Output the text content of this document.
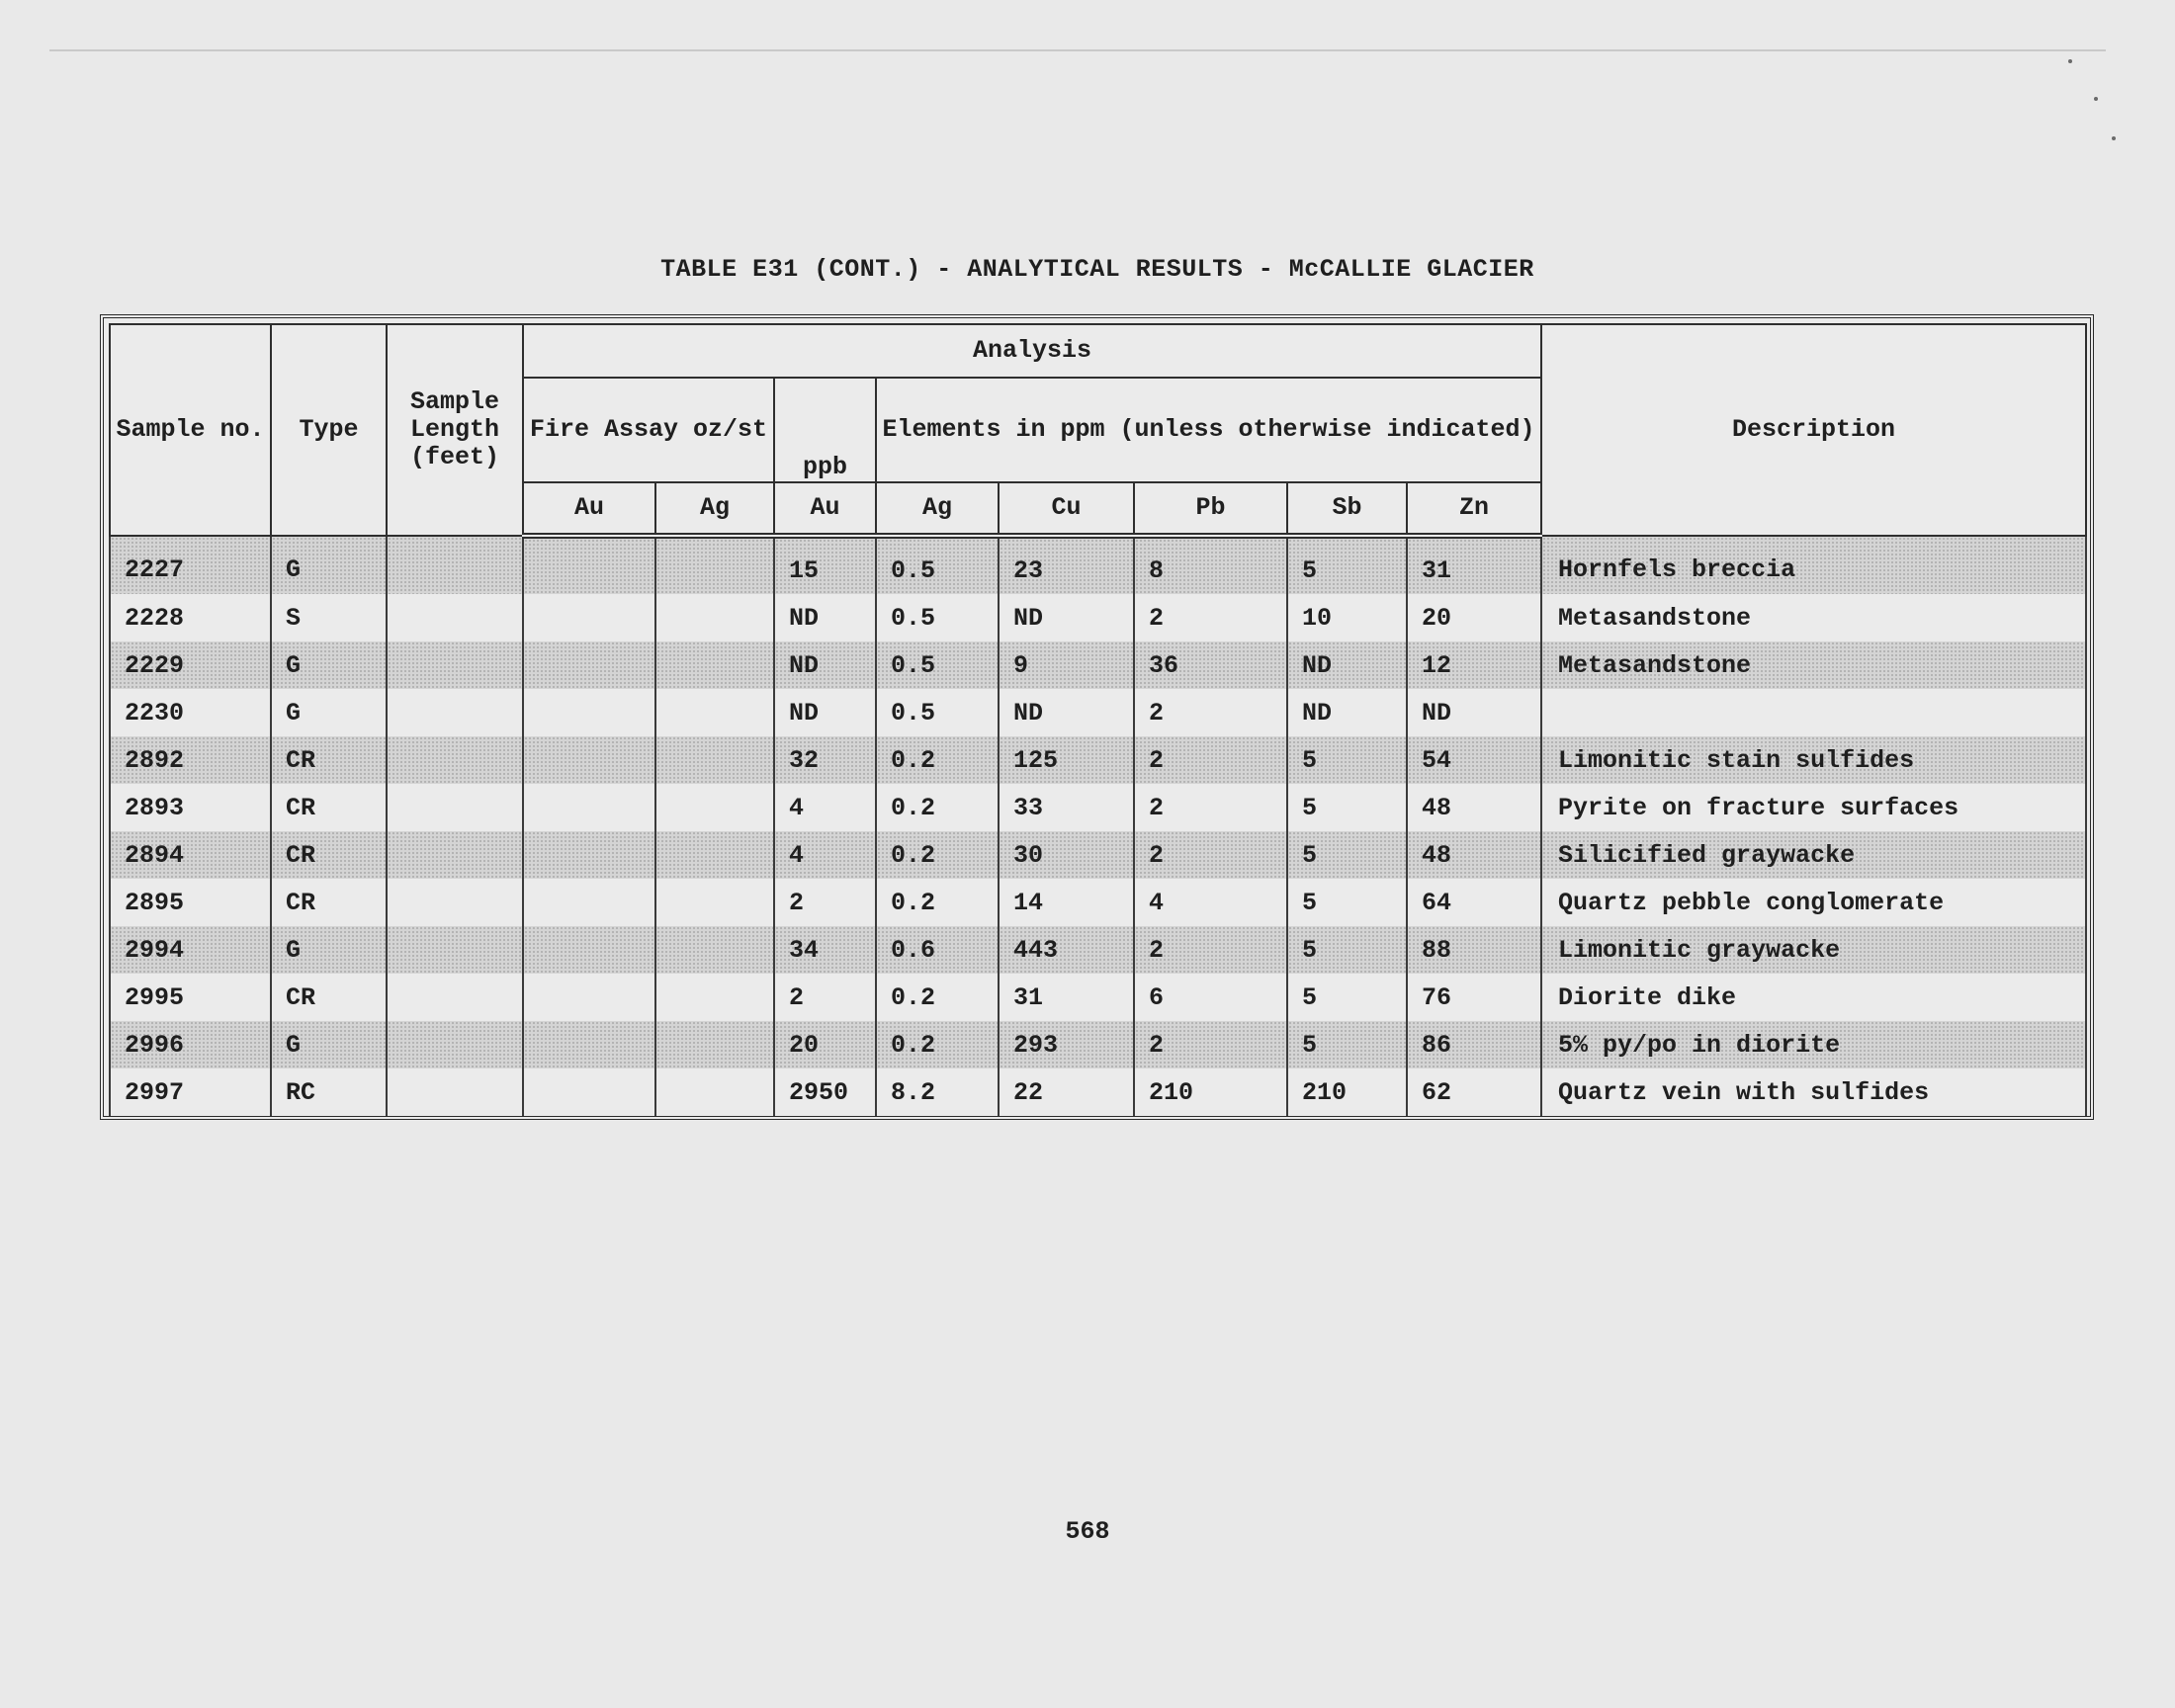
TABLE E31 (CONT.) - ANALYTICAL RESULTS - McCALLIE GLACIER
Sample no.	Type	Sample Length (feet)	Analysis								Description
			Fire Assay oz/st		ppb	Elements in ppm (unless otherwise indicated)					
			Au	Ag	Au	Ag	Cu	Pb	Sb	Zn	
2227	G				15	0.5	23	8	5	31	Hornfels breccia
2228	S				ND	0.5	ND	2	10	20	Metasandstone
2229	G				ND	0.5	9	36	ND	12	Metasandstone
2230	G				ND	0.5	ND	2	ND	ND	
2892	CR				32	0.2	125	2	5	54	Limonitic stain sulfides
2893	CR				4	0.2	33	2	5	48	Pyrite on fracture surfaces
2894	CR				4	0.2	30	2	5	48	Silicified graywacke
2895	CR				2	0.2	14	4	5	64	Quartz pebble conglomerate
2994	G				34	0.6	443	2	5	88	Limonitic graywacke
2995	CR				2	0.2	31	6	5	76	Diorite dike
2996	G				20	0.2	293	2	5	86	5% py/po in diorite
2997	RC				2950	8.2	22	210	210	62	Quartz vein with sulfides
568
